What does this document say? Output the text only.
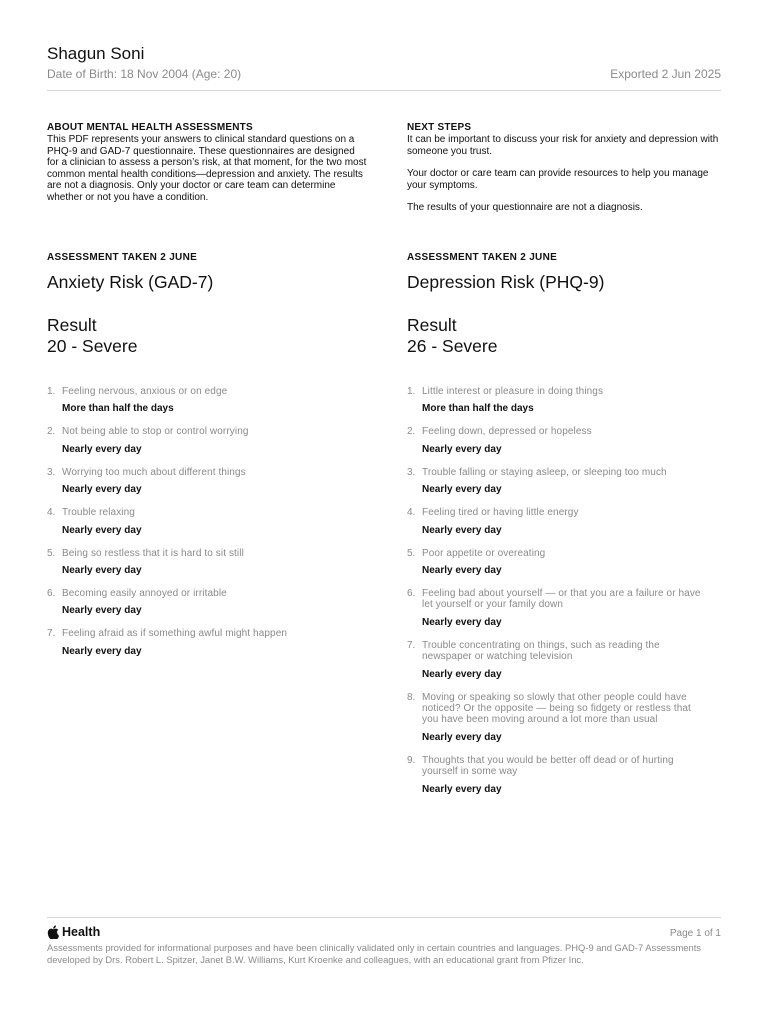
Shagun Soni
Date of Birth: 18 Nov 2004 (Age: 20)	Exported 2 Jun 2025
ABOUT MENTAL HEALTH ASSESSMENTS
This PDF represents your answers to clinical standard questions on a PHQ-9 and GAD-7 questionnaire. These questionnaires are designed for a clinician to assess a person’s risk, at that moment, for the two most common mental health conditions—depression and anxiety. The results are not a diagnosis. Only your doctor or care team can determine whether or not you have a condition.
NEXT STEPS

It can be important to discuss your risk for anxiety and depression with someone you trust.

Your doctor or care team can provide resources to help you manage your symptoms.

The results of your questionnaire are not a diagnosis.

ASSESSMENT TAKEN 2 JUNE
Anxiety Risk (GAD-7)
Result
20 - Severe
ASSESSMENT TAKEN 2 JUNE
Depression Risk (PHQ-9)
Result
26 - Severe
1. Feeling nervous, anxious or on edge
More than half the days
2. Not being able to stop or control worrying
Nearly every day
3. Worrying too much about different things
Nearly every day
4. Trouble relaxing
Nearly every day
5. Being so restless that it is hard to sit still
Nearly every day
6. Becoming easily annoyed or irritable
Nearly every day
7. Feeling afraid as if something awful might happen
Nearly every day
1. Little interest or pleasure in doing things
More than half the days
2. Feeling down, depressed or hopeless
Nearly every day
3. Trouble falling or staying asleep, or sleeping too much
Nearly every day
4. Feeling tired or having little energy
Nearly every day
5. Poor appetite or overeating
Nearly every day
6. Feeling bad about yourself — or that you are a failure or have let yourself or your family down
Nearly every day
7. Trouble concentrating on things, such as reading the newspaper or watching television
Nearly every day
8. Moving or speaking so slowly that other people could have noticed? Or the opposite — being so fidgety or restless that you have been moving around a lot more than usual
Nearly every day
9. Thoughts that you would be better off dead or of hurting yourself in some way
Nearly every day
Health	Page 1 of 1
Assessments provided for informational purposes and have been clinically validated only in certain countries and languages. PHQ-9 and GAD-7 Assessments developed by Drs. Robert L. Spitzer, Janet B.W. Williams, Kurt Kroenke and colleagues, with an educational grant from Pfizer Inc.
